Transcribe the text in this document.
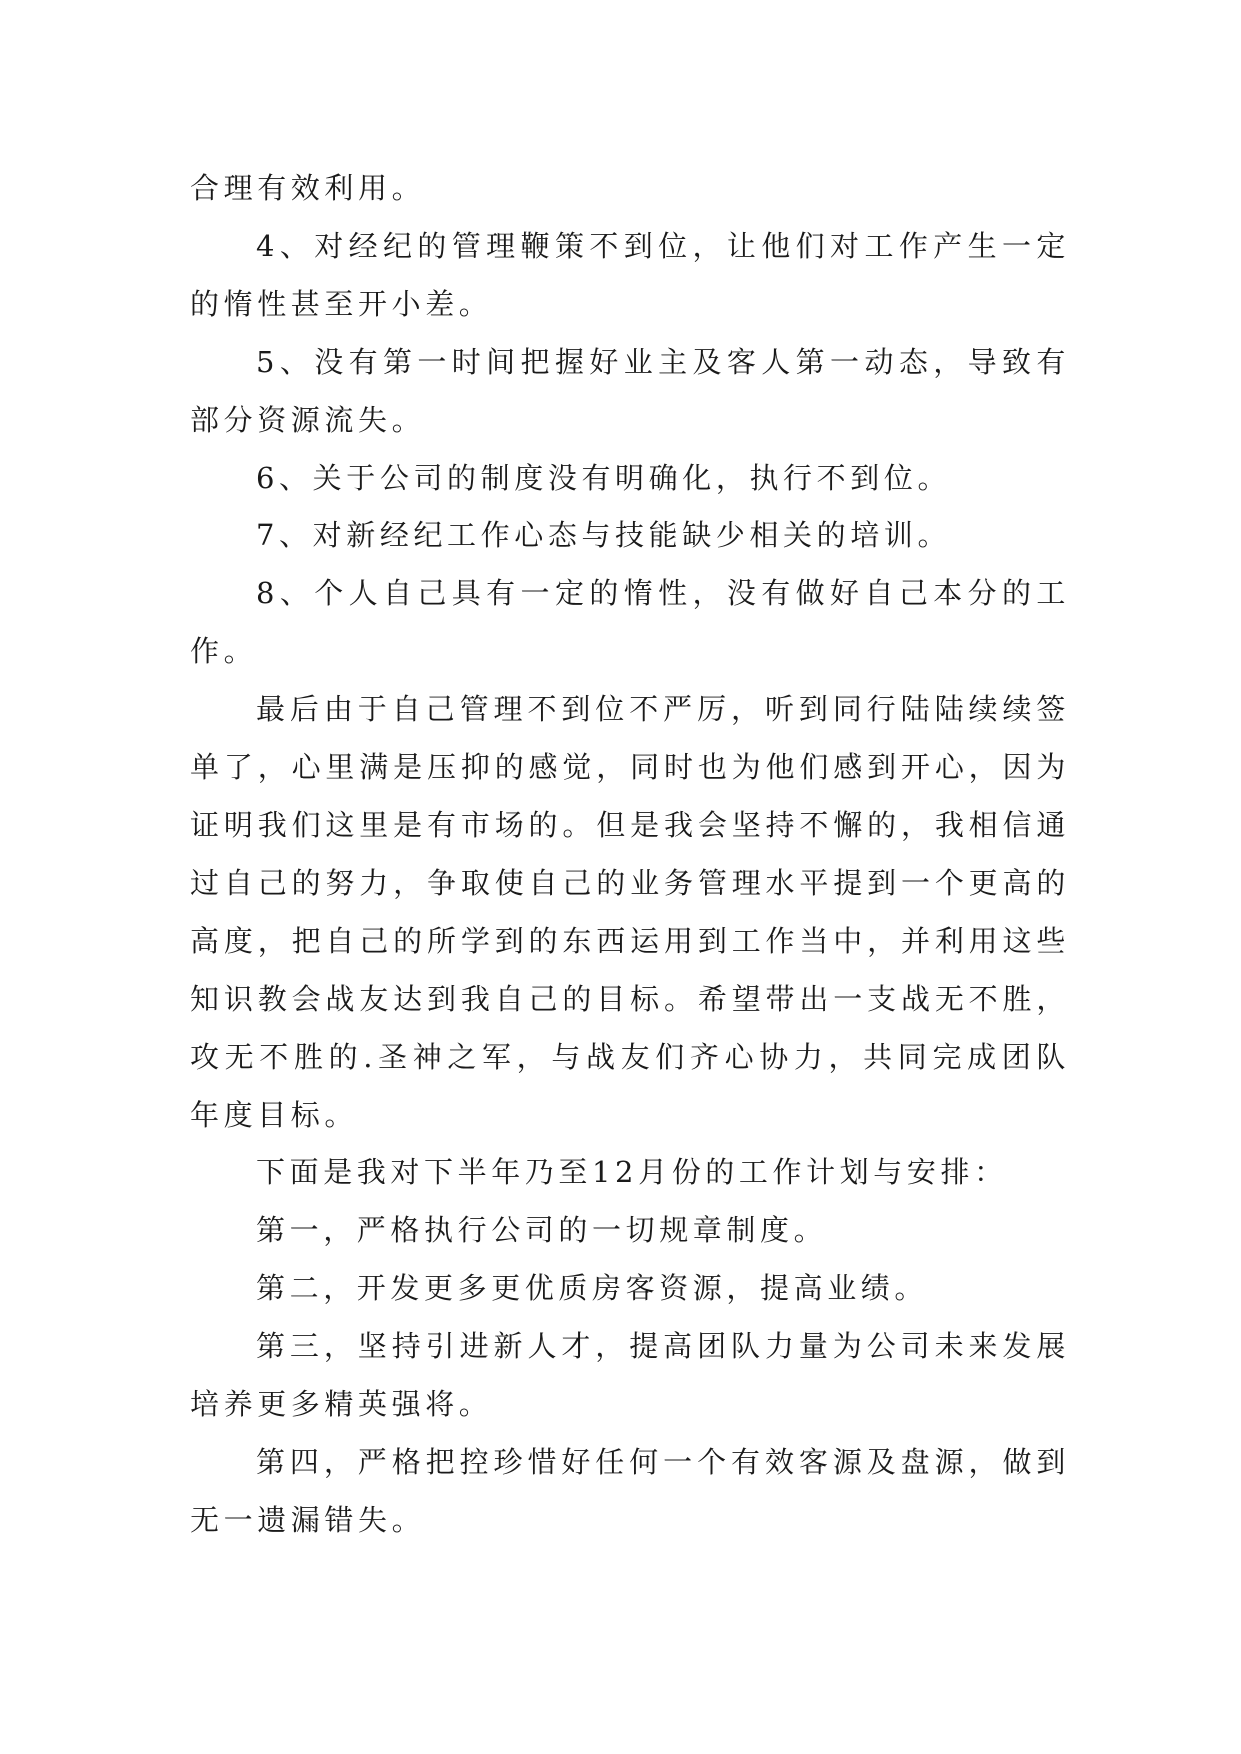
合理有效利用。

4、对经纪的管理鞭策不到位，让他们对工作产生一定的惰性甚至开小差。

5、没有第一时间把握好业主及客人第一动态，导致有部分资源流失。

6、关于公司的制度没有明确化，执行不到位。

7、对新经纪工作心态与技能缺少相关的培训。

8、个人自己具有一定的惰性，没有做好自己本分的工作。

最后由于自己管理不到位不严厉，听到同行陆陆续续签单了，心里满是压抑的感觉，同时也为他们感到开心，因为证明我们这里是有市场的。但是我会坚持不懈的，我相信通过自己的努力，争取使自己的业务管理水平提到一个更高的高度，把自己的所学到的东西运用到工作当中，并利用这些知识教会战友达到我自己的目标。希望带出一支战无不胜，攻无不胜的.圣神之军，与战友们齐心协力，共同完成团队年度目标。

下面是我对下半年乃至12月份的工作计划与安排：

第一，严格执行公司的一切规章制度。

第二，开发更多更优质房客资源，提高业绩。

第三，坚持引进新人才，提高团队力量为公司未来发展培养更多精英强将。

第四，严格把控珍惜好任何一个有效客源及盘源，做到无一遗漏错失。
